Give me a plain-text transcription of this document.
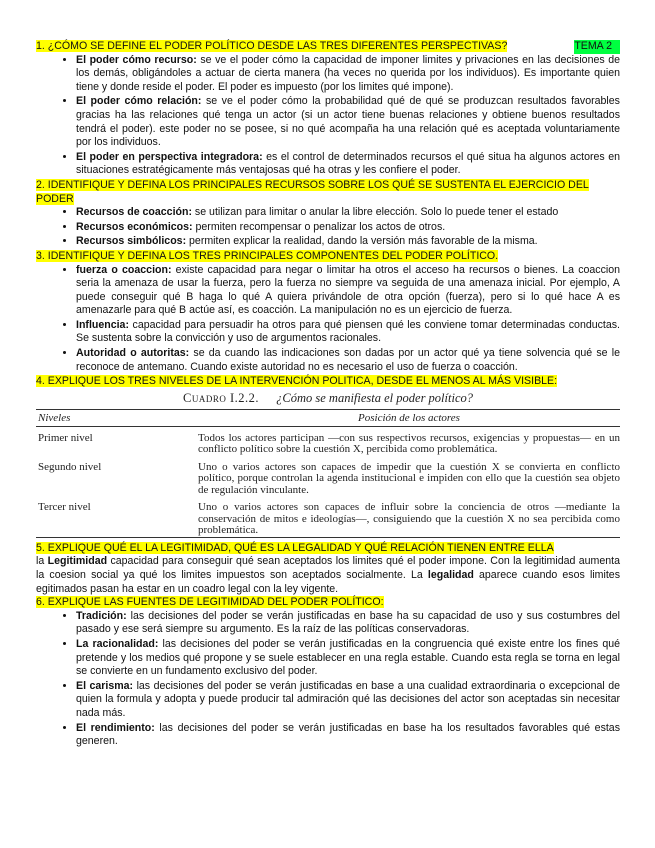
1. ¿CÓMO SE DEFINE EL PODER POLÍTICO DESDE LAS TRES DIFERENTES PERSPECTIVAS?	TEMA 2
• El poder cómo recurso: se ve el poder cómo la capacidad de imponer limites y privaciones en las decisiones de los demás, obligándoles a actuar de cierta manera (ha veces no querida por los individuos). Es importante quien tiene y donde reside el poder. El poder es impuesto (por los limites qué impone).
• El poder cómo relación: se ve el poder cómo la probabilidad qué de qué se produzcan resultados favorables gracias ha las relaciones qué tenga un actor (si un actor tiene buenas relaciones y obtiene buenos resultados tendrá el poder). este poder no se posee, si no qué acompaña ha una relación qué es aceptada voluntariamente por los individuos.
• El poder en perspectiva integradora: es el control de determinados recursos el qué situa ha algunos actores en situaciones estratégicamente más ventajosas qué ha otras y les confiere el poder.

2. IDENTIFIQUE Y DEFINA LOS PRINCIPALES RECURSOS SOBRE LOS QUÉ SE SUSTENTA EL EJERCICIO DEL PODER

• Recursos de coacción: se utilizan para limitar o anular la libre elección. Solo lo puede tener el estado
• Recursos económicos: permiten recompensar o penalizar los actos de otros.
• Recursos simbólicos: permiten explicar la realidad, dando la versión más favorable de la misma.

3. IDENTIFIQUE Y DEFINA LOS TRES PRINCIPALES COMPONENTES DEL PODER POLÍTICO.

• fuerza o coaccion: existe capacidad para negar o limitar ha otros el acceso ha recursos o bienes. La coaccion seria la amenaza de usar la fuerza, pero la fuerza no siempre va seguida de una amenaza inicial. Por ejemplo, A puede conseguir qué B haga lo qué A quiera privándole de otra opción (fuerza), pero si lo qué hace A es amenazarle para qué B actúe así, es coacción. La manipulación no es un ejercicio de fuerza.
• Influencia: capacidad para persuadir ha otros para qué piensen qué les conviene tomar determinadas conductas. Se sustenta sobre la convicción y uso de argumentos racionales.
• Autoridad o autoritas: se da cuando las indicaciones son dadas por un actor qué ya tiene solvencia qué se le reconoce de antemano. Cuando existe autoridad no es necesario el uso de fuerza o coacción.

4. EXPLIQUE LOS TRES NIVELES DE LA INTERVENCIÓN POLITICA, DESDE EL MENOS AL MÁS VISIBLE:

Cuadro I.2.2. ¿Cómo se manifiesta el poder político?
Niveles	Posición de los actores
Primer nivel	Todos los actores participan —con sus respectivos recursos, exigencias y propuestas— en un conflicto político sobre la cuestión X, percibida como problemática.
Segundo nivel	Uno o varios actores son capaces de impedir que la cuestión X se convierta en conflicto político, porque controlan la agenda institucional e impiden con ello que la cuestión sea objeto de regulación vinculante.
Tercer nivel	Uno o varios actores son capaces de influir sobre la conciencia de otros —mediante la conservación de mitos e ideologías—, consiguiendo que la cuestión X no sea percibida como problemática.

5. EXPLIQUE QUÉ EL LA LEGITIMIDAD, QUÉ ES LA LEGALIDAD Y QUÉ RELACIÓN TIENEN ENTRE ELLA

la Legitimidad capacidad para conseguir qué sean aceptados los limites qué el poder impone. Con la legitimidad aumenta la coesion social ya qué los limites impuestos son aceptados socialmente. La legalidad aparece cuando esos limites egitimados pasan ha estar en un coadro legal con la ley vigente.

6. EXPLIQUE LAS FUENTES DE LEGITIMIDAD DEL PODER POLÍTICO:

• Tradición: las decisiones del poder se verán justificadas en base ha su capacidad de uso y sus costumbres del pasado y ese será siempre su argumento. Es la raíz de las políticas conservadoras.
• La racionalidad: las decisiones del poder se verán justificadas en la congruencia qué existe entre los fines qué pretende y los medios qué propone y se suele establecer en una regla estable. Cuando esta regla se torna en legal se convierte en un fundamento exclusivo del poder.
• El carisma: las decisiones del poder se verán justificadas en base a una cualidad extraordinaria o excepcional de quien la formula y adopta y puede producir tal admiración qué las decisiones del actor son aceptadas sin necesitar nada más.
• El rendimiento: las decisiones del poder se verán justificadas en base ha los resultados favorables qué estas generen.
